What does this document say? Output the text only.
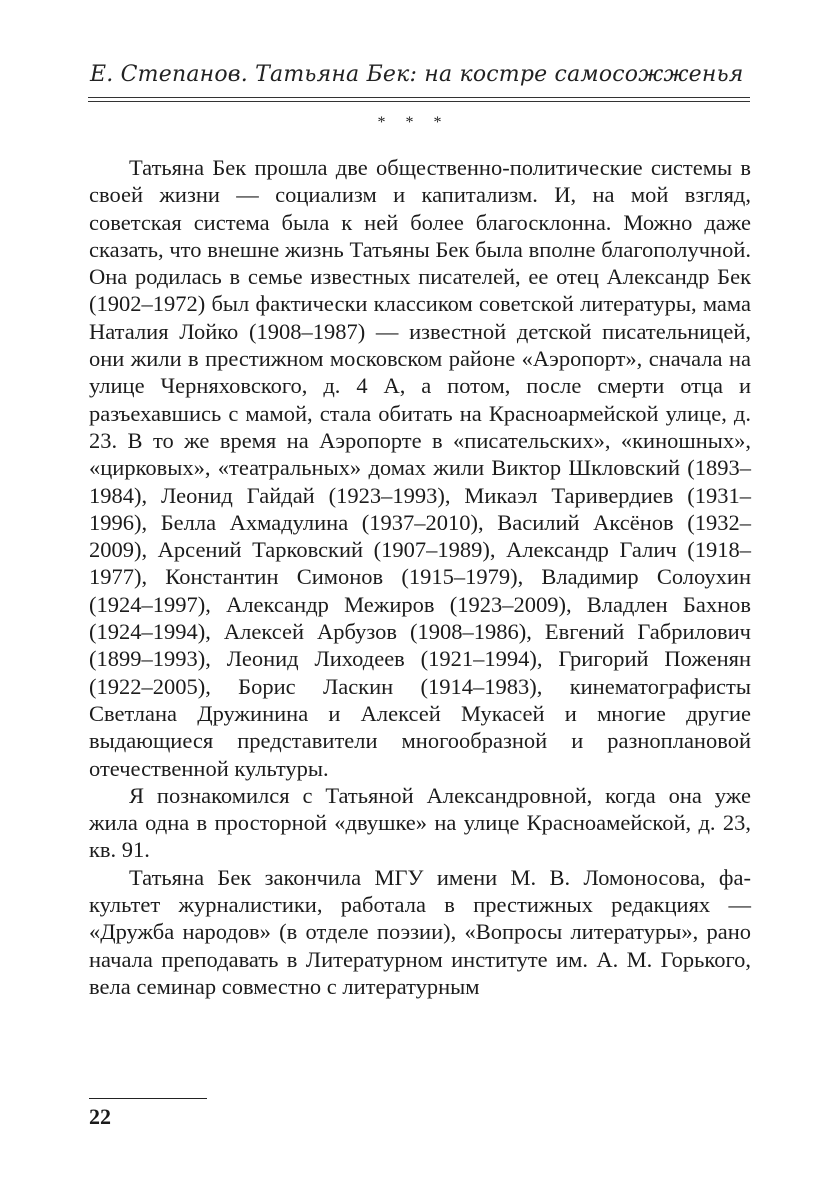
Е. Степанов. Татьяна Бек: на костре самосожженья
* * *

Татьяна Бек прошла две общественно-политические системы в своей жизни — социализм и капитализм. И, на мой взгляд, советская система была к ней более благосклонна. Можно даже сказать, что внешне жизнь Татьяны Бек была вполне благополучной. Она родилась в семье известных писателей, ее отец Александр Бек (1902–1972) был фактически классиком советской литературы, мама Наталия Лойко (1908–1987) — известной детской писательницей, они жили в престижном московском районе «Аэропорт», сначала на улице Черняховского, д. 4 А, а потом, после смерти отца и разъехавшись с мамой, стала обитать на Красноармейской улице, д. 23. В то же время на Аэропорте в «писательских», «киношных», «цирковых», «театральных» домах жили Виктор Шкловский (1893–1984), Леонид Гайдай (1923–1993), Микаэл Таривердиев (1931–1996), Белла Ахмадулина (1937–2010), Василий Аксёнов (1932–2009), Арсений Тарковский (1907–1989), Александр Галич (1918–1977), Константин Симонов (1915–1979), Владимир Солоухин (1924–1997), Александр Межиров (1923–2009), Владлен Бахнов (1924–1994), Алексей Арбузов (1908–1986), Евгений Габрилович (1899–1993), Леонид Лиходеев (1921–1994), Григорий Поженян (1922–2005), Борис Ласкин (1914–1983), кинематографисты Светлана Дружинина и Алексей Мукасей и многие другие выдающиеся представители многообразной и разноплановой отечественной культуры.

Я познакомился с Татьяной Александровной, когда она уже жила одна в просторной «двушке» на улице Красноамейской, д. 23, кв. 91.

Татьяна Бек закончила МГУ имени М. В. Ломоносова, факультет журналистики, работала в престижных редакциях — «Дружба народов» (в отделе поэзии), «Вопросы литературы», рано начала преподавать в Литературном институте им. А. М. Горького, вела семинар совместно с литературным

22
